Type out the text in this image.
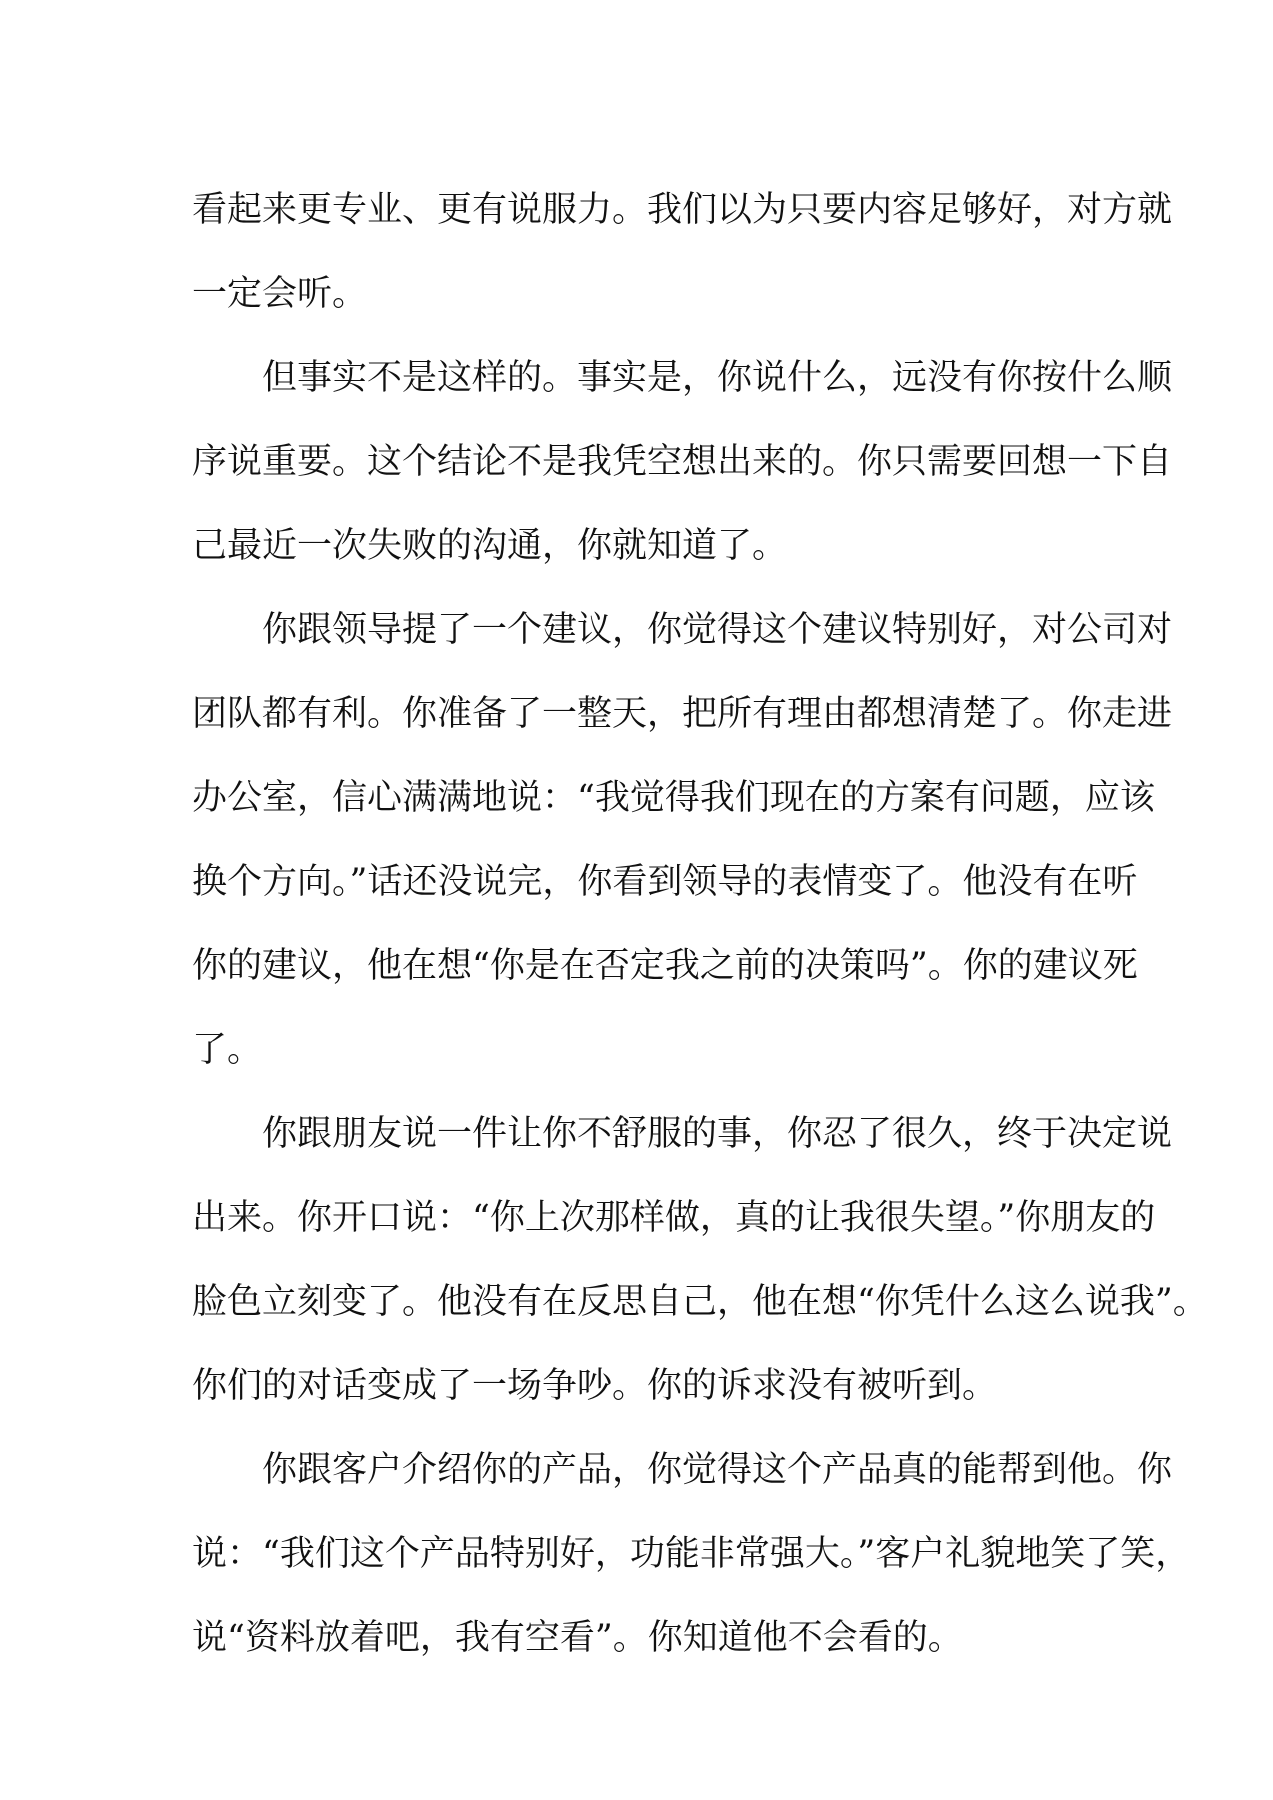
看起来更专业、更有说服力。我们以为只要内容足够好，对方就

一定会听。

但事实不是这样的。事实是，你说什么，远没有你按什么顺

序说重要。这个结论不是我凭空想出来的。你只需要回想一下自

己最近一次失败的沟通，你就知道了。

你跟领导提了一个建议，你觉得这个建议特别好，对公司对

团队都有利。你准备了一整天，把所有理由都想清楚了。你走进

办公室，信心满满地说：“我觉得我们现在的方案有问题，应该

换个方向。”话还没说完，你看到领导的表情变了。他没有在听

你的建议，他在想“你是在否定我之前的决策吗”。你的建议死

了。

你跟朋友说一件让你不舒服的事，你忍了很久，终于决定说

出来。你开口说：“你上次那样做，真的让我很失望。”你朋友的

脸色立刻变了。他没有在反思自己，他在想“你凭什么这么说我”。

你们的对话变成了一场争吵。你的诉求没有被听到。

你跟客户介绍你的产品，你觉得这个产品真的能帮到他。你

说：“我们这个产品特别好，功能非常强大。”客户礼貌地笑了笑，

说“资料放着吧，我有空看”。你知道他不会看的。
